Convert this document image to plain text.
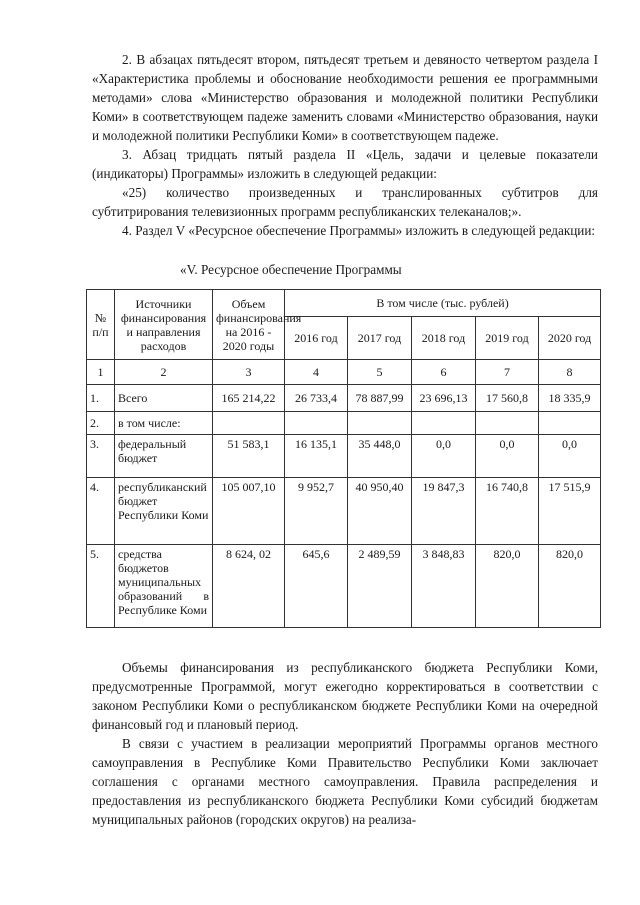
2. В абзацах пятьдесят втором, пятьдесят третьем и девяносто четвертом раздела I «Характеристика проблемы и обоснование необходимости решения ее программными методами» слова «Министерство образования и молодежной политики Республики Коми» в соответствующем падеже заменить словами «Министерство образования, науки и молодежной политики Республики Коми» в соответствующем падеже.

3. Абзац тридцать пятый раздела II «Цель, задачи и целевые показатели (индикаторы) Программы» изложить в следующей редакции:

«25) количество произведенных и транслированных субтитров для субтитрирования телевизионных программ республиканских телеканалов;».

4. Раздел V «Ресурсное обеспечение Программы» изложить в следующей редакции:

«V. Ресурсное обеспечение Программы
№ п/п	Источники финансирования и направления расходов	Объем финансирования на 2016 - 2020 годы	В том числе (тыс. рублей)				
			2016 год	2017 год	2018 год	2019 год	2020 год
1	2	3	4	5	6	7	8
1.	Всего	165 214,22	26 733,4	78 887,99	23 696,13	17 560,8	18 335,9
2.	в том числе:						
3.	федеральный бюджет	51 583,1	16 135,1	35 448,0	0,0	0,0	0,0
4.	республиканский бюджет Республики Коми	105 007,10	9 952,7	40 950,40	19 847,3	16 740,8	17 515,9
5.	средства бюджетов муниципальных образований в Республике Коми	8 624, 02	645,6	2 489,59	3 848,83	820,0	820,0

Объемы финансирования из республиканского бюджета Республики Коми, предусмотренные Программой, могут ежегодно корректироваться в соответствии с законом Республики Коми о республиканском бюджете Республики Коми на очередной финансовый год и плановый период.

В связи с участием в реализации мероприятий Программы органов местного самоуправления в Республике Коми Правительство Республики Коми заключает соглашения с органами местного самоуправления. Правила распределения и предоставления из республиканского бюджета Республики Коми субсидий бюджетам муниципальных районов (городских округов) на реализа-
